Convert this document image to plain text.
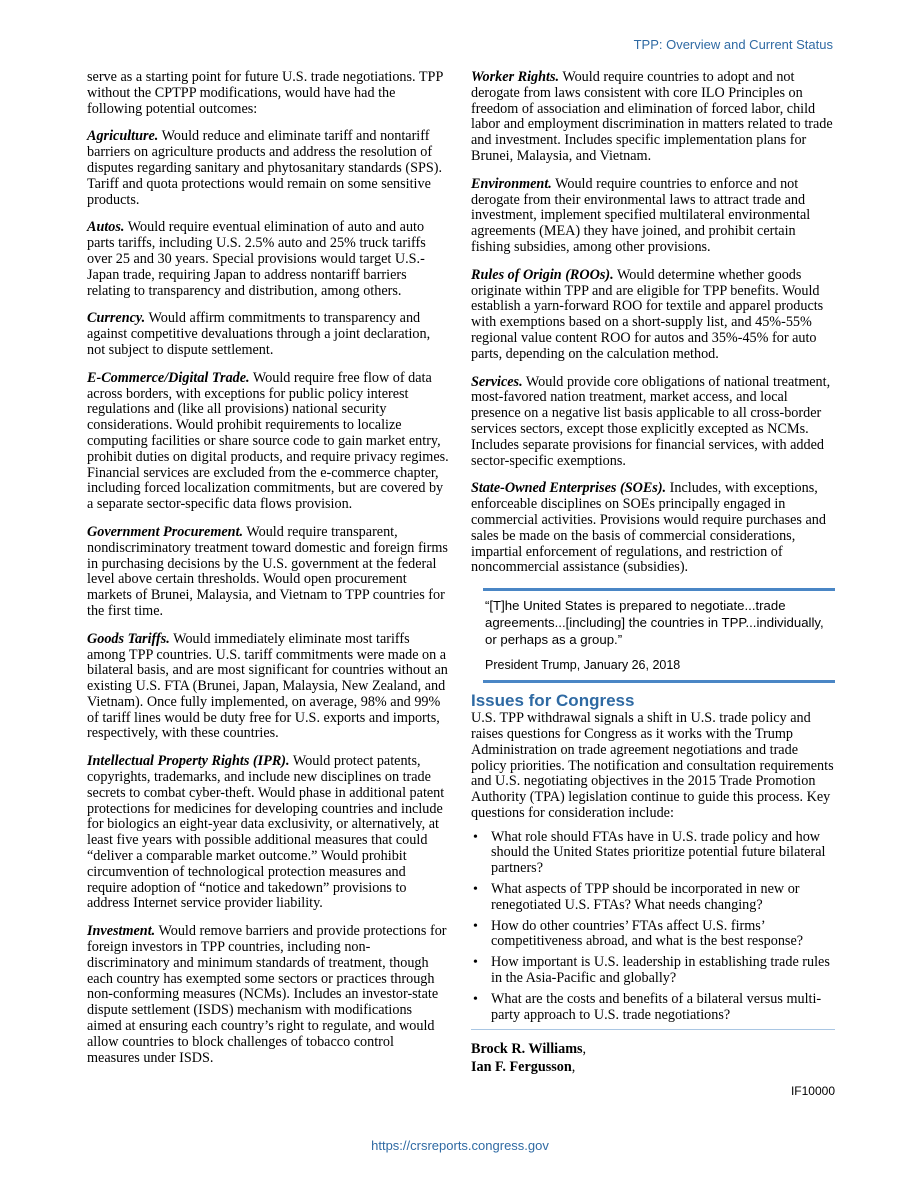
TPP: Overview and Current Status

serve as a starting point for future U.S. trade negotiations. TPP without the CPTPP modifications, would have had the following potential outcomes:

Agriculture. Would reduce and eliminate tariff and nontariff barriers on agriculture products and address the resolution of disputes regarding sanitary and phytosanitary standards (SPS). Tariff and quota protections would remain on some sensitive products.

Autos. Would require eventual elimination of auto and auto parts tariffs, including U.S. 2.5% auto and 25% truck tariffs over 25 and 30 years. Special provisions would target U.S.-Japan trade, requiring Japan to address nontariff barriers relating to transparency and distribution, among others.

Currency. Would affirm commitments to transparency and against competitive devaluations through a joint declaration, not subject to dispute settlement.

E-Commerce/Digital Trade. Would require free flow of data across borders, with exceptions for public policy interest regulations and (like all provisions) national security considerations. Would prohibit requirements to localize computing facilities or share source code to gain market entry, prohibit duties on digital products, and require privacy regimes. Financial services are excluded from the e-commerce chapter, including forced localization commitments, but are covered by a separate sector-specific data flows provision.

Government Procurement. Would require transparent, nondiscriminatory treatment toward domestic and foreign firms in purchasing decisions by the U.S. government at the federal level above certain thresholds. Would open procurement markets of Brunei, Malaysia, and Vietnam to TPP countries for the first time.

Goods Tariffs. Would immediately eliminate most tariffs among TPP countries. U.S. tariff commitments were made on a bilateral basis, and are most significant for countries without an existing U.S. FTA (Brunei, Japan, Malaysia, New Zealand, and Vietnam). Once fully implemented, on average, 98% and 99% of tariff lines would be duty free for U.S. exports and imports, respectively, with these countries.

Intellectual Property Rights (IPR). Would protect patents, copyrights, trademarks, and include new disciplines on trade secrets to combat cyber-theft. Would phase in additional patent protections for medicines for developing countries and include for biologics an eight-year data exclusivity, or alternatively, at least five years with possible additional measures that could “deliver a comparable market outcome.” Would prohibit circumvention of technological protection measures and require adoption of “notice and takedown” provisions to address Internet service provider liability.

Investment. Would remove barriers and provide protections for foreign investors in TPP countries, including non-discriminatory and minimum standards of treatment, though each country has exempted some sectors or practices through non-conforming measures (NCMs). Includes an investor-state dispute settlement (ISDS) mechanism with modifications aimed at ensuring each country’s right to regulate, and would allow countries to block challenges of tobacco control measures under ISDS.

Worker Rights. Would require countries to adopt and not derogate from laws consistent with core ILO Principles on freedom of association and elimination of forced labor, child labor and employment discrimination in matters related to trade and investment. Includes specific implementation plans for Brunei, Malaysia, and Vietnam.

Environment. Would require countries to enforce and not derogate from their environmental laws to attract trade and investment, implement specified multilateral environmental agreements (MEA) they have joined, and prohibit certain fishing subsidies, among other provisions.

Rules of Origin (ROOs). Would determine whether goods originate within TPP and are eligible for TPP benefits. Would establish a yarn-forward ROO for textile and apparel products with exemptions based on a short-supply list, and 45%-55% regional value content ROO for autos and 35%-45% for auto parts, depending on the calculation method.

Services. Would provide core obligations of national treatment, most-favored nation treatment, market access, and local presence on a negative list basis applicable to all cross-border services sectors, except those explicitly excepted as NCMs. Includes separate provisions for financial services, with added sector-specific exemptions.

State-Owned Enterprises (SOEs). Includes, with exceptions, enforceable disciplines on SOEs principally engaged in commercial activities. Provisions would require purchases and sales be made on the basis of commercial considerations, impartial enforcement of regulations, and restriction of noncommercial assistance (subsidies).

“[T]he United States is prepared to negotiate...trade agreements...[including] the countries in TPP...individually, or perhaps as a group.”

President Trump, January 26, 2018

Issues for Congress

U.S. TPP withdrawal signals a shift in U.S. trade policy and raises questions for Congress as it works with the Trump Administration on trade agreement negotiations and trade policy priorities. The notification and consultation requirements and U.S. negotiating objectives in the 2015 Trade Promotion Authority (TPA) legislation continue to guide this process. Key questions for consideration include:

• What role should FTAs have in U.S. trade policy and how should the United States prioritize potential future bilateral partners?
• What aspects of TPP should be incorporated in new or renegotiated U.S. FTAs? What needs changing?
• How do other countries’ FTAs affect U.S. firms’ competitiveness abroad, and what is the best response?
• How important is U.S. leadership in establishing trade rules in the Asia-Pacific and globally?
• What are the costs and benefits of a bilateral versus multi-party approach to U.S. trade negotiations?
Brock R. Williams,
Ian F. Fergusson,
IF10000
https://crsreports.congress.gov
